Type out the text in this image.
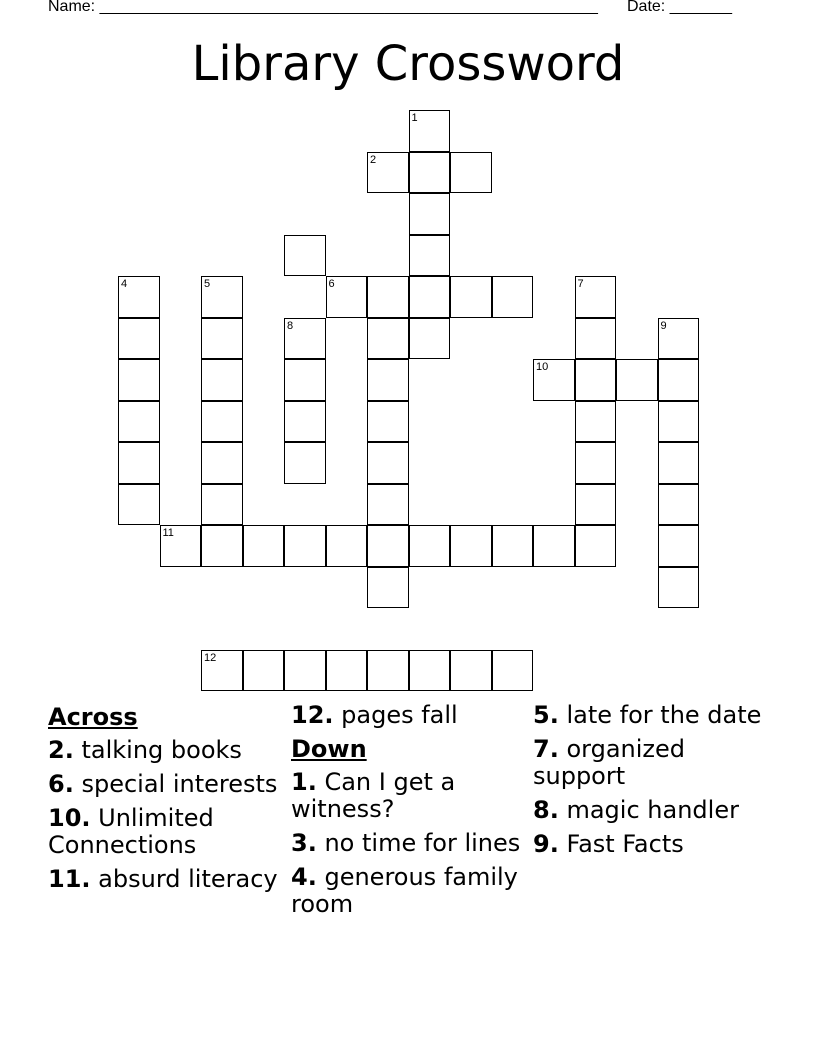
Name: ________________________________________________________ Date: _______
Library Crossword
1
2
4	5	6	7
8	9
10
11
12
Across
2. talking books
6. special interests
10. Unlimited Connections
11. absurd literacy
12. pages fall
Down
1. Can I get a witness?
3. no time for lines
4. generous family room
5. late for the date
7. organized support
8. magic handler
9. Fast Facts
